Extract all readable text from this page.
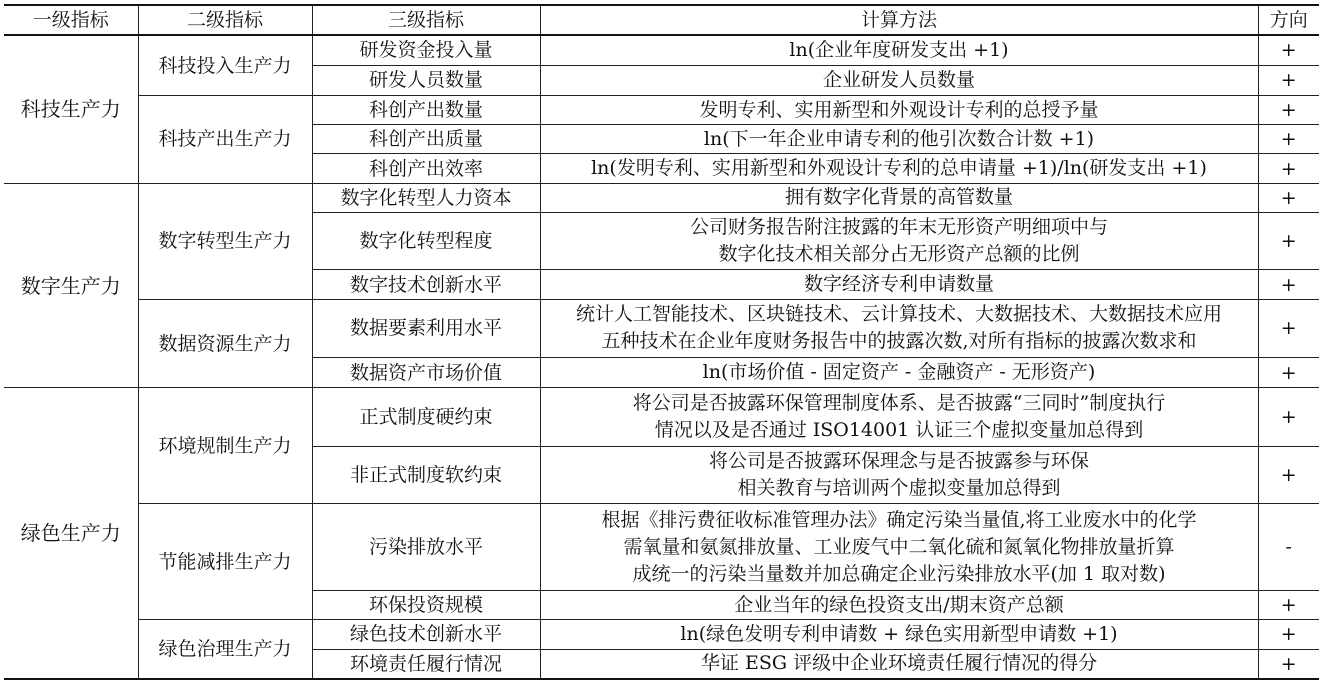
一级指标	二级指标	三级指标	计算方法	方向
科技生产力	科技投入生产力	研发资金投入量	ln(企业年度研发支出 +1)	+
		研发人员数量	企业研发人员数量	+
	科技产出生产力	科创产出数量	发明专利、实用新型和外观设计专利的总授予量	+
		科创产出质量	ln(下一年企业申请专利的他引次数合计数 +1)	+
		科创产出效率	ln(发明专利、实用新型和外观设计专利的总申请量 +1)/ln(研发支出 +1)	+
数字生产力	数字转型生产力	数字化转型人力资本	拥有数字化背景的高管数量	+
		数字化转型程度	公司财务报告附注披露的年末无形资产明细项中与
数字化技术相关部分占无形资产总额的比例	+
		数字技术创新水平	数字经济专利申请数量	+
	数据资源生产力	数据要素利用水平	统计人工智能技术、区块链技术、云计算技术、大数据技术、大数据技术应用
五种技术在企业年度财务报告中的披露次数,对所有指标的披露次数求和	+
		数据资产市场价值	ln(市场价值 - 固定资产 - 金融资产 - 无形资产)	+
绿色生产力	环境规制生产力	正式制度硬约束	将公司是否披露环保管理制度体系、是否披露“三同时”制度执行
情况以及是否通过 ISO14001 认证三个虚拟变量加总得到	+
		非正式制度软约束	将公司是否披露环保理念与是否披露参与环保
相关教育与培训两个虚拟变量加总得到	+
	节能减排生产力	污染排放水平	根据《排污费征收标准管理办法》确定污染当量值,将工业废水中的化学
需氧量和氨氮排放量、工业废气中二氧化硫和氮氧化物排放量折算
成统一的污染当量数并加总确定企业污染排放水平(加 1 取对数)	-
		环保投资规模	企业当年的绿色投资支出/期末资产总额	+
	绿色治理生产力	绿色技术创新水平	ln(绿色发明专利申请数 + 绿色实用新型申请数 +1)	+
		环境责任履行情况	华证 ESG 评级中企业环境责任履行情况的得分	+
